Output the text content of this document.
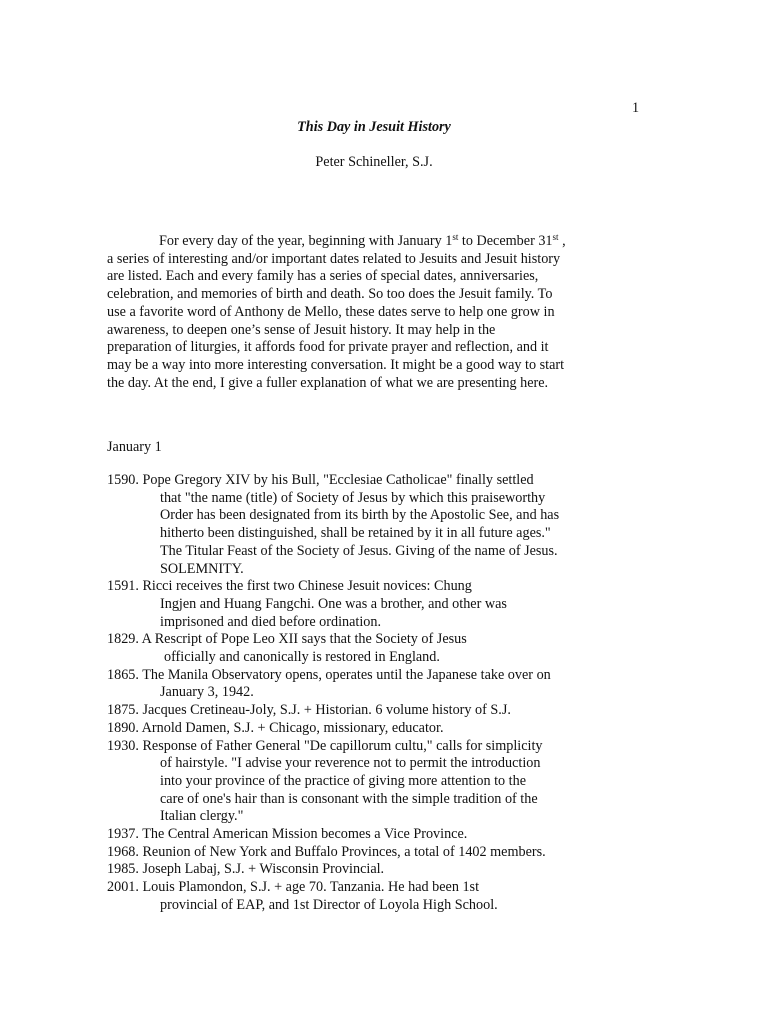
1
This Day in Jesuit History
Peter Schineller, S.J.
For every day of the year, beginning with January 1st to December 31st ,
a series of interesting and/or important dates related to Jesuits and Jesuit history
are listed. Each and every family has a series of special dates, anniversaries,
celebration, and memories of birth and death. So too does the Jesuit family. To
use a favorite word of Anthony de Mello, these dates serve to help one grow in
awareness, to deepen one’s sense of Jesuit history. It may help in the
preparation of liturgies, it affords food for private prayer and reflection, and it
may be a way into more interesting conversation. It might be a good way to start
the day. At the end, I give a fuller explanation of what we are presenting here.
January 1
1590. Pope Gregory XIV by his Bull, "Ecclesiae Catholicae" finally settled
that "the name (title) of Society of Jesus by which this praiseworthy
Order has been designated from its birth by the Apostolic See, and has
hitherto been distinguished, shall be retained by it in all future ages."
The Titular Feast of the Society of Jesus. Giving of the name of Jesus.
SOLEMNITY.
1591. Ricci receives the first two Chinese Jesuit novices: Chung
Ingjen and Huang Fangchi. One was a brother, and other was
imprisoned and died before ordination.
1829. A Rescript of Pope Leo XII says that the Society of Jesus
officially and canonically is restored in England.
1865. The Manila Observatory opens, operates until the Japanese take over on
January 3, 1942.
1875. Jacques Cretineau-Joly, S.J. + Historian. 6 volume history of S.J.
1890. Arnold Damen, S.J. + Chicago, missionary, educator.
1930. Response of Father General "De capillorum cultu," calls for simplicity
of hairstyle. "I advise your reverence not to permit the introduction
into your province of the practice of giving more attention to the
care of one's hair than is consonant with the simple tradition of the
Italian clergy."
1937. The Central American Mission becomes a Vice Province.
1968. Reunion of New York and Buffalo Provinces, a total of 1402 members.
1985. Joseph Labaj, S.J. + Wisconsin Provincial.
2001. Louis Plamondon, S.J. + age 70. Tanzania. He had been 1st
provincial of EAP, and 1st Director of Loyola High School.
